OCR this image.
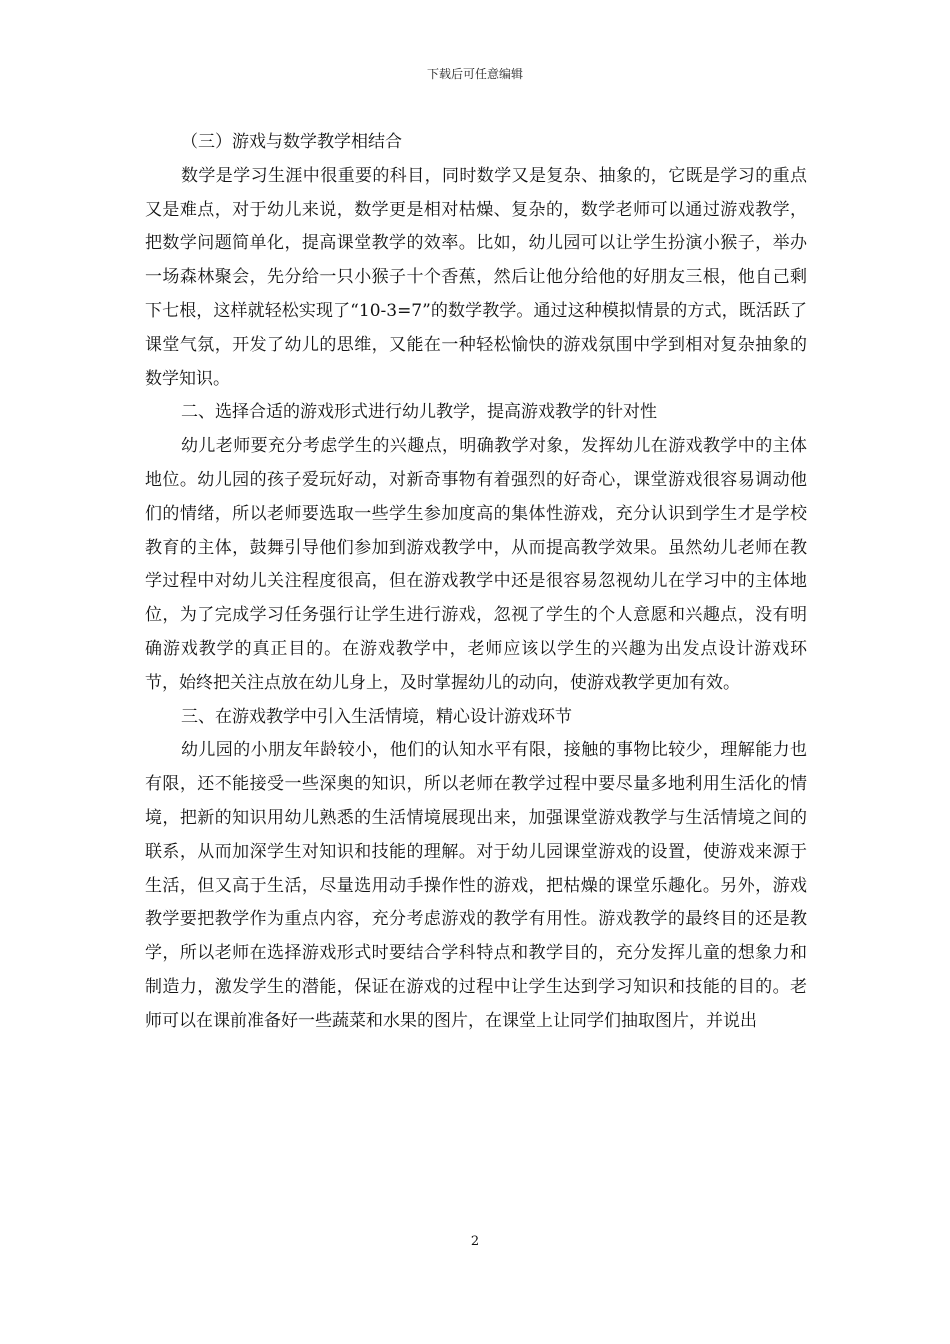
下载后可任意编辑
（三）游戏与数学教学相结合

数学是学习生涯中很重要的科目，同时数学又是复杂、抽象的，它既是学习的重点又是难点，对于幼儿来说，数学更是相对枯燥、复杂的，数学老师可以通过游戏教学，把数学问题简单化，提高课堂教学的效率。比如，幼儿园可以让学生扮演小猴子，举办一场森林聚会，先分给一只小猴子十个香蕉，然后让他分给他的好朋友三根，他自己剩下七根，这样就轻松实现了“10-3=7”的数学教学。通过这种模拟情景的方式，既活跃了课堂气氛，开发了幼儿的思维，又能在一种轻松愉快的游戏氛围中学到相对复杂抽象的数学知识。

二、选择合适的游戏形式进行幼儿教学，提高游戏教学的针对性

幼儿老师要充分考虑学生的兴趣点，明确教学对象，发挥幼儿在游戏教学中的主体地位。幼儿园的孩子爱玩好动，对新奇事物有着强烈的好奇心，课堂游戏很容易调动他们的情绪，所以老师要选取一些学生参加度高的集体性游戏，充分认识到学生才是学校教育的主体，鼓舞引导他们参加到游戏教学中，从而提高教学效果。虽然幼儿老师在教学过程中对幼儿关注程度很高，但在游戏教学中还是很容易忽视幼儿在学习中的主体地位，为了完成学习任务强行让学生进行游戏，忽视了学生的个人意愿和兴趣点，没有明确游戏教学的真正目的。在游戏教学中，老师应该以学生的兴趣为出发点设计游戏环节，始终把关注点放在幼儿身上，及时掌握幼儿的动向，使游戏教学更加有效。

三、在游戏教学中引入生活情境，精心设计游戏环节

幼儿园的小朋友年龄较小，他们的认知水平有限，接触的事物比较少，理解能力也有限，还不能接受一些深奥的知识，所以老师在教学过程中要尽量多地利用生活化的情境，把新的知识用幼儿熟悉的生活情境展现出来，加强课堂游戏教学与生活情境之间的联系，从而加深学生对知识和技能的理解。对于幼儿园课堂游戏的设置，使游戏来源于生活，但又高于生活，尽量选用动手操作性的游戏，把枯燥的课堂乐趣化。另外，游戏教学要把教学作为重点内容，充分考虑游戏的教学有用性。游戏教学的最终目的还是教学，所以老师在选择游戏形式时要结合学科特点和教学目的，充分发挥儿童的想象力和制造力，激发学生的潜能，保证在游戏的过程中让学生达到学习知识和技能的目的。老师可以在课前准备好一些蔬菜和水果的图片，在课堂上让同学们抽取图片，并说出

2
